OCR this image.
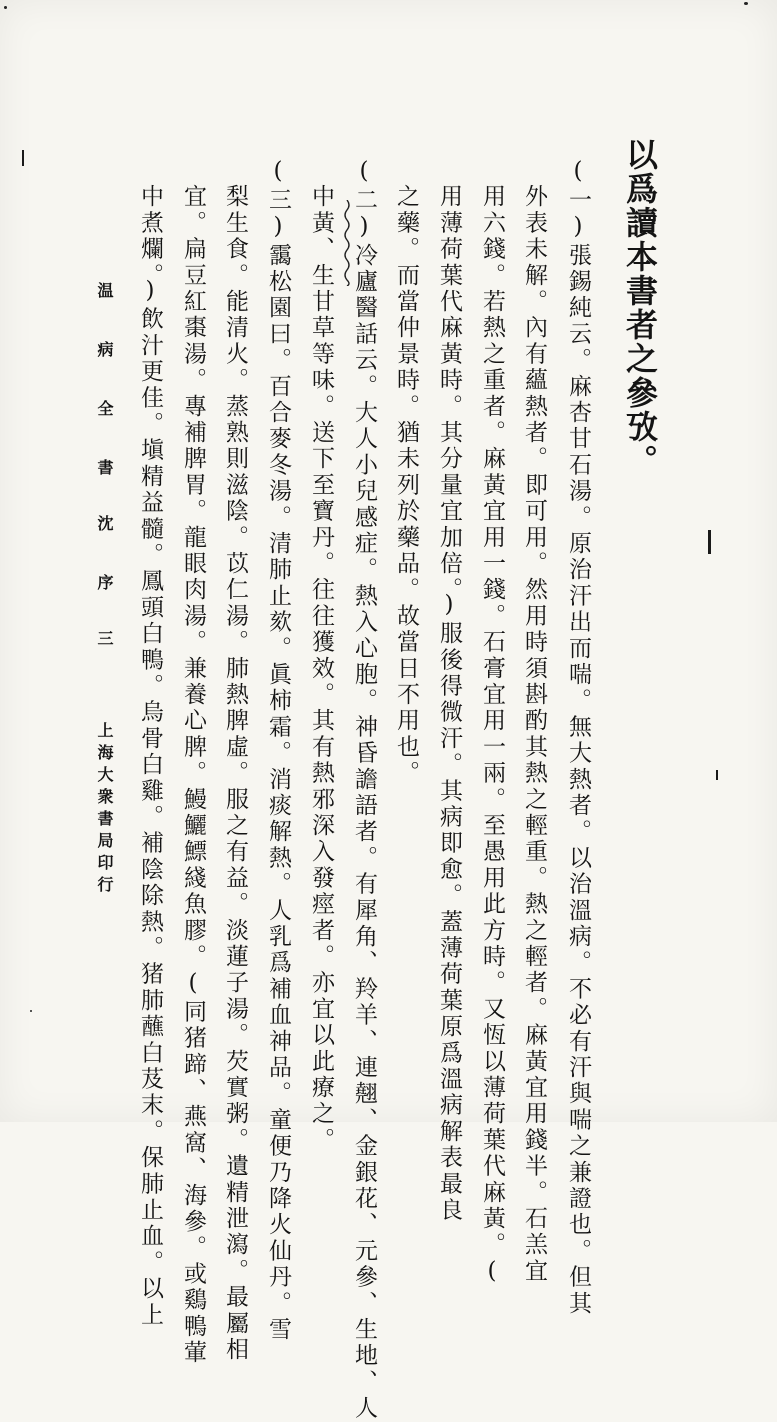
以爲讀本書者之參攷。
(一)張錫純云。麻杏甘石湯。原治汗出而喘。無大熱者。以治溫病。不必有汗與喘之兼證也。但其
外表未解。內有蘊熱者。即可用。然用時須斟酌其熱之輕重。熱之輕者。麻黃宜用錢半。石羔宜
用六錢。若熱之重者。麻黃宜用一錢。石膏宜用一兩。至愚用此方時。又恆以薄荷葉代麻黃。(
用薄荷葉代麻黃時。其分量宜加倍。)服後得微汗。其病即愈。蓋薄荷葉原爲溫病解表最良
之藥。而當仲景時。猶未列於藥品。故當日不用也。
(二)冷廬醫話云。大人小兒感症。熱入心胞。神昏譫語者。有犀角、羚羊、連翹、金銀花、元參、生地、人
中黃、生甘草等味。送下至寶丹。往往獲效。其有熱邪深入發痙者。亦宜以此療之。
(三)靄松園曰。百合麥冬湯。清肺止欬。眞柿霜。消痰解熱。人乳爲補血神品。童便乃降火仙丹。雪
梨生食。能清火。蒸熟則滋陰。苡仁湯。肺熱脾虛。服之有益。淡蓮子湯。芡實粥。遺精泄瀉。最屬相
宜。扁豆紅棗湯。專補脾胃。龍眼肉湯。兼養心脾。鰻鱺鰾綫魚膠。(同猪蹄、燕窩、海參。或鷄鴨葷
中煮爛。)飲汁更佳。塡精益髓。鳳頭白鴨。烏骨白雞。補陰除熱。猪肺蘸白芨末。保肺止血。以上
温 病 全 書　沈 序　三
上海大衆書局印行
